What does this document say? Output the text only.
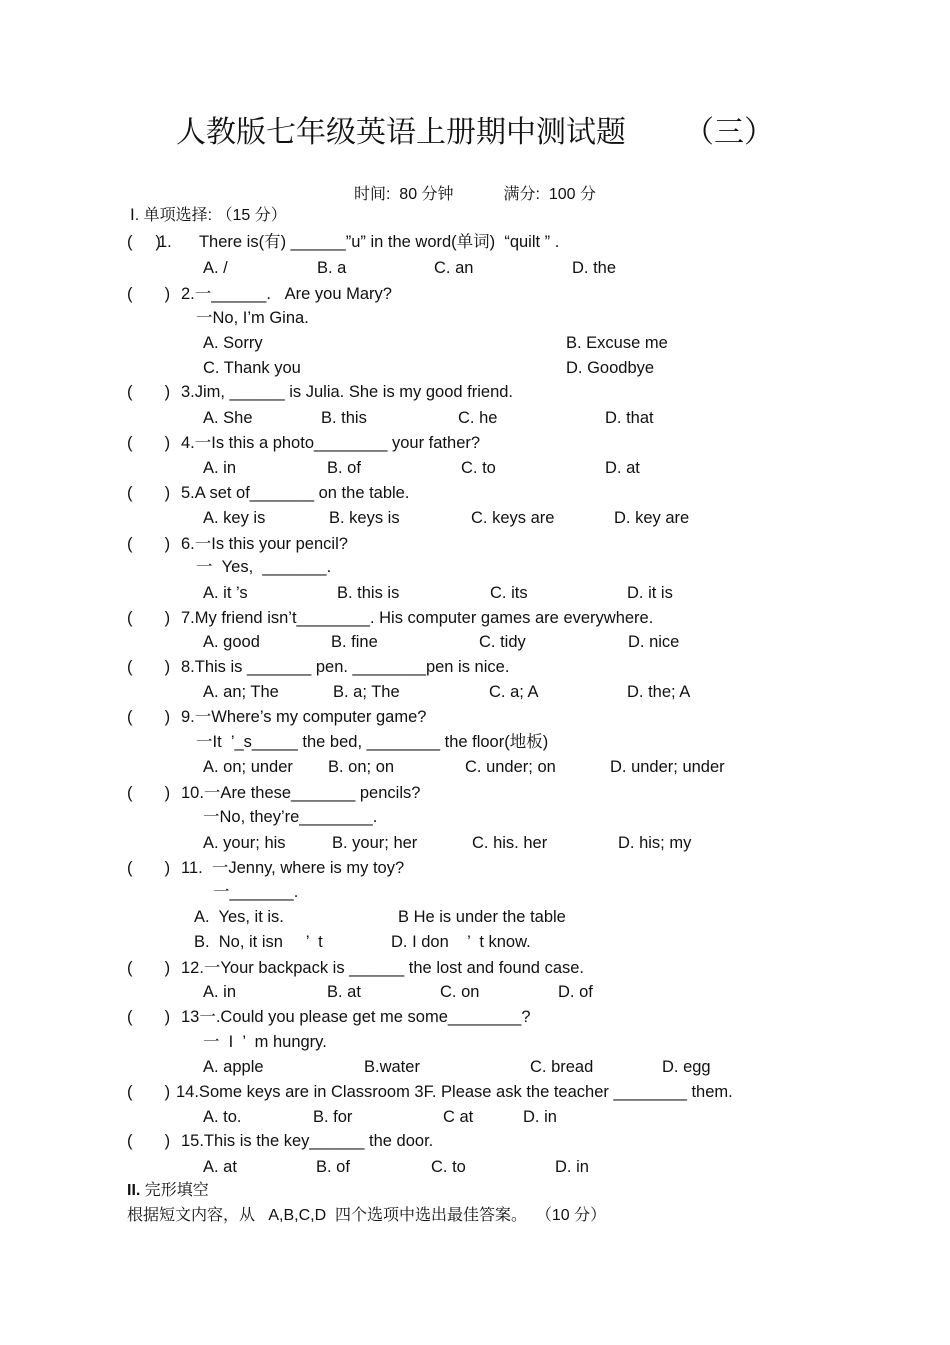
人教版七年级英语上册期中测试题 （三）
时间:  80 分钟	满分:  100 分
Ⅰ. 单项选择: （15 分）
(     )
1.      There is(有) ______”u” in the word(单词)  “quilt ” .
A. /	B. a	C. an	D. the
(       ) 2.一______.   Are you Mary?
一No, I’m Gina.
A. Sorry	B. Excuse me
C. Thank you	D. Goodbye
(       ) 3.Jim, ______ is Julia. She is my good friend.
A. She	B. this	C. he	D. that
(       ) 4.一Is this a photo________ your father?
A. in	B. of	C. to	D. at
(       ) 5.A set of_______ on the table.
A. key is	B. keys is	C. keys are	D. key are
(       ) 6.一Is this your pencil?
一  Yes,  _______.
A. it ’s	B. this is	C. its	D. it is
(       ) 7.My friend isn’t________. His computer games are everywhere.
A. good	B. fine	C. tidy	D. nice
(       ) 8.This is _______ pen. ________pen is nice.
A. an; The	B. a; The	C. a; A	D. the; A
(       ) 9.一Where’s my computer game?
一It  ’_s_____ the bed, ________ the floor(地板)
A. on; under B. on; on	C. under; on	D. under; under
(       ) 10.一Are these_______ pencils?
一No, they’re________.
A. your; his	B. your; her	C. his. her	D. his; my
(       ) 11.  一Jenny, where is my toy?
一_______.
A.  Yes, it is.	B He is under the table
B.  No, it isn     ’  t	D. I don    ’  t know.
(       ) 12.一Your backpack is ______ the lost and found case.
A. in	B. at	C. on	D. of
(       ) 13一.Could you please get me some________?
一  I  ’  m hungry.
A. apple	B.water	C. bread	D. egg
(       ) 14.Some keys are in Classroom 3F. Please ask the teacher ________ them.
A. to.	B. for	C at	D. in
(       ) 15.This is the key______ the door.
A. at	B. of	C. to	D. in
II. 完形填空
根据短文内容，从   A,B,C,D  四个选项中选出最佳答案。  （10 分）
